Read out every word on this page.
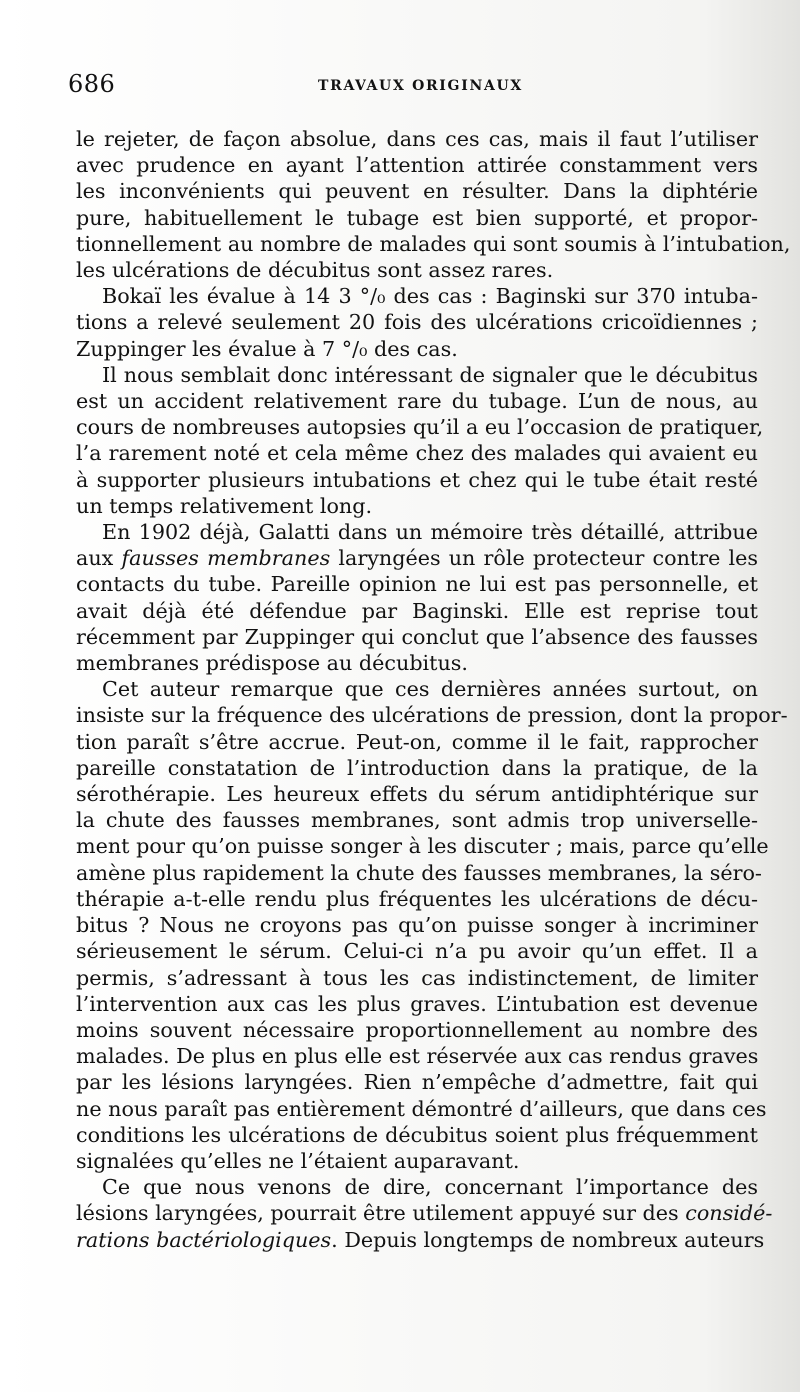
686	TRAVAUX ORIGINAUX
le rejeter, de façon absolue, dans ces cas, mais il faut l’utiliser
avec prudence en ayant l’attention attirée constamment vers
les inconvénients qui peuvent en résulter. Dans la diphtérie
pure, habituellement le tubage est bien supporté, et propor-
tionnellement au nombre de malades qui sont soumis à l’intubation,
les ulcérations de décubitus sont assez rares.
Bokaï les évalue à 14 3 °/₀ des cas : Baginski sur 370 intuba-
tions a relevé seulement 20 fois des ulcérations cricoïdiennes ;
Zuppinger les évalue à 7 °/₀ des cas.
Il nous semblait donc intéressant de signaler que le décubitus
est un accident relativement rare du tubage. L’un de nous, au
cours de nombreuses autopsies qu’il a eu l’occasion de pratiquer,
l’a rarement noté et cela même chez des malades qui avaient eu
à supporter plusieurs intubations et chez qui le tube était resté
un temps relativement long.
En 1902 déjà, Galatti dans un mémoire très détaillé, attribue
aux fausses membranes laryngées un rôle protecteur contre les
contacts du tube. Pareille opinion ne lui est pas personnelle, et
avait déjà été défendue par Baginski. Elle est reprise tout
récemment par Zuppinger qui conclut que l’absence des fausses
membranes prédispose au décubitus.
Cet auteur remarque que ces dernières années surtout, on
insiste sur la fréquence des ulcérations de pression, dont la propor-
tion paraît s’être accrue. Peut-on, comme il le fait, rapprocher
pareille constatation de l’introduction dans la pratique, de la
sérothérapie. Les heureux effets du sérum antidiphtérique sur
la chute des fausses membranes, sont admis trop universelle-
ment pour qu’on puisse songer à les discuter ; mais, parce qu’elle
amène plus rapidement la chute des fausses membranes, la séro-
thérapie a-t-elle rendu plus fréquentes les ulcérations de décu-
bitus ? Nous ne croyons pas qu’on puisse songer à incriminer
sérieusement le sérum. Celui-ci n’a pu avoir qu’un effet. Il a
permis, s’adressant à tous les cas indistinctement, de limiter
l’intervention aux cas les plus graves. L’intubation est devenue
moins souvent nécessaire proportionnellement au nombre des
malades. De plus en plus elle est réservée aux cas rendus graves
par les lésions laryngées. Rien n’empêche d’admettre, fait qui
ne nous paraît pas entièrement démontré d’ailleurs, que dans ces
conditions les ulcérations de décubitus soient plus fréquemment
signalées qu’elles ne l’étaient auparavant.
Ce que nous venons de dire, concernant l’importance des
lésions laryngées, pourrait être utilement appuyé sur des considé-
rations bactériologiques. Depuis longtemps de nombreux auteurs
